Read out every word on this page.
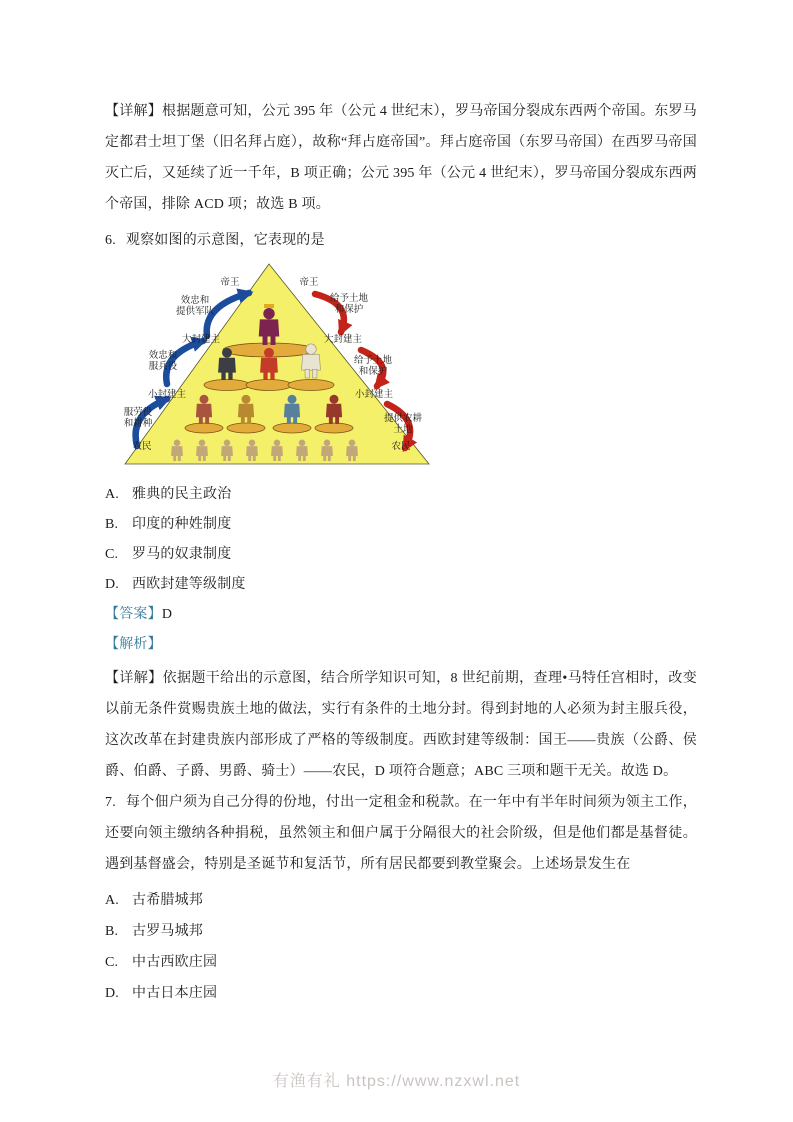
【详解】根据题意可知，公元 395 年（公元 4 世纪末），罗马帝国分裂成东西两个帝国。东罗马定都君士坦丁堡（旧名拜占庭），故称“拜占庭帝国”。拜占庭帝国（东罗马帝国）在西罗马帝国灭亡后，又延续了近一千年，B 项正确；公元 395 年（公元 4 世纪末），罗马帝国分裂成东西两个帝国，排除 ACD 项；故选 B 项。

6. 观察如图的示意图，它表现的是

帝王	帝王
效忠和
提供军队
给予土地
和保护
大封建主	大封建主
效忠和
服兵役
给予土地
和保护
小封建主	小封建主
服劳役
和耕种	提供农耕
土地
农民	农民
A. 雅典的民主政治
B. 印度的种姓制度
C. 罗马的奴隶制度
D. 西欧封建等级制度

【答案】D

【解析】

【详解】依据题干给出的示意图，结合所学知识可知，8 世纪前期，查理•马特任宫相时，改变以前无条件赏赐贵族土地的做法，实行有条件的土地分封。得到封地的人必须为封主服兵役，这次改革在封建贵族内部形成了严格的等级制度。西欧封建等级制：国王——贵族（公爵、侯爵、伯爵、子爵、男爵、骑士）——农民，D 项符合题意；ABC 三项和题干无关。故选 D。

7. 每个佃户须为自己分得的份地，付出一定租金和税款。在一年中有半年时间须为领主工作，还要向领主缴纳各种捐税，虽然领主和佃户属于分隔很大的社会阶级，但是他们都是基督徒。遇到基督盛会，特别是圣诞节和复活节，所有居民都要到教堂聚会。上述场景发生在

A. 古希腊城邦
B. 古罗马城邦
C. 中古西欧庄园
D. 中古日本庄园
有渔有礼 https://www.nzxwl.net
